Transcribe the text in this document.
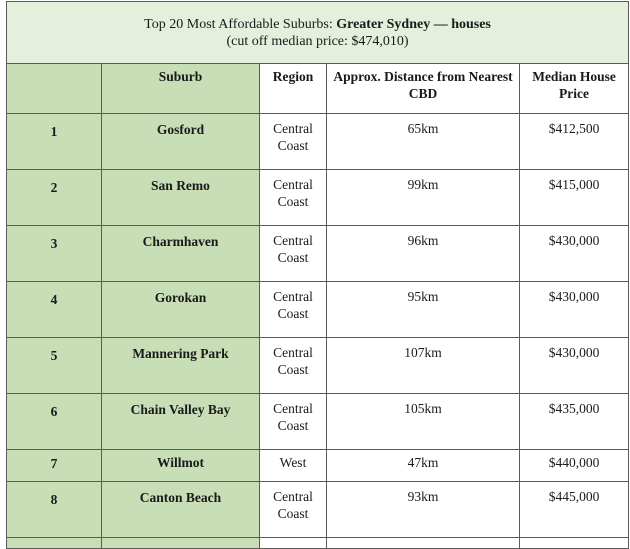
Top 20 Most Affordable Suburbs: Greater Sydney — houses
(cut off median price: $474,010)				

	Suburb	Region	Approx. Distance from Nearest CBD	Median House Price
1	Gosford	Central Coast	65km	$412,500
2	San Remo	Central Coast	99km	$415,000
3	Charmhaven	Central Coast	96km	$430,000
4	Gorokan	Central Coast	95km	$430,000
5	Mannering Park	Central Coast	107km	$430,000
6	Chain Valley Bay	Central Coast	105km	$435,000
7	Willmot	West	47km	$440,000
8	Canton Beach	Central Coast	93km	$445,000
